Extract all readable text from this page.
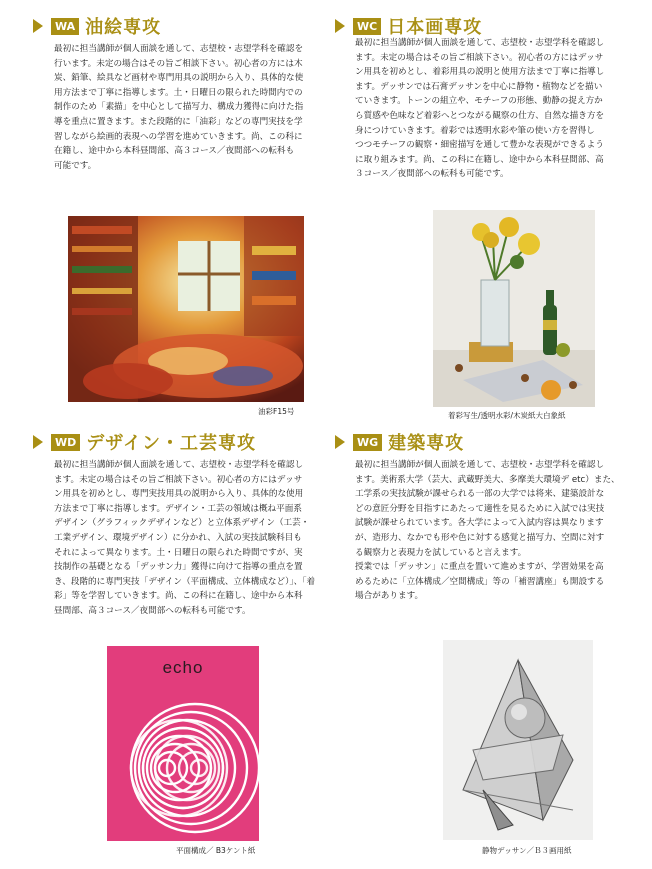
WA 油絵専攻
最初に担当講師が個人面談を通して、志望校・志望学科を確認を
行います。未定の場合はその旨ご相談下さい。初心者の方には木
炭、鉛筆、絵具など画材や専門用具の説明から入り、具体的な使
用方法まで丁寧に指導します。土・日曜日の限られた時間内での
制作のため「素描」を中心として描写力、構成力獲得に向けた指
導を重点に置きます。また段階的に「油彩」などの専門実技を学
習しながら絵画的表現への学習を進めていきます。尚、この科に
在籍し、途中から本科昼間部、高３コース／夜間部への転科も
可能です。
WC 日本画専攻
最初に担当講師が個人面談を通して、志望校・志望学科を確認し
ます。未定の場合はその旨ご相談下さい。初心者の方にはデッサ
ン用具を初めとし、着彩用具の説明と使用方法まで丁寧に指導し
ます。デッサンでは石膏デッサンを中心に静物・植物などを描い
ていきます。トーンの組立や、モチーフの形態、動静の捉え方か
ら質感や色味など着彩へとつながる観察の仕方、自然な描き方を
身につけていきます。着彩では透明水彩や筆の使い方を習得し
つつモチーフの観察・細密描写を通して豊かな表現ができるよう
に取り組みます。尚、この科に在籍し、途中から本科昼間部、高
３コース／夜間部への転科も可能です。
油彩F15号	着彩写生/透明水彩/木炭紙大白象紙
WD デザイン・工芸専攻
最初に担当講師が個人面談を通して、志望校・志望学科を確認し
ます。未定の場合はその旨ご相談下さい。初心者の方にはデッサ
ン用具を初めとし、専門実技用具の説明から入り、具体的な使用
方法まで丁寧に指導します。デザイン・工芸の領域は概ね平面系
デザイン（グラフィックデザインなど）と立体系デザイン（工芸・
工業デザイン、環境デザイン）に分かれ、入試の実技試験科目も
それによって異なります。土・日曜日の限られた時間ですが、実
技制作の基礎となる「デッサン力」獲得に向けて指導の重点を置
き、段階的に専門実技「デザイン（平面構成、立体構成など）」、「着
彩」等を学習していきます。尚、この科に在籍し、途中から本科
昼間部、高３コース／夜間部への転科も可能です。
WG 建築専攻
最初に担当講師が個人面談を通して、志望校・志望学科を確認し
ます。美術系大学（芸大、武蔵野美大、多摩美大環境デ etc）また、
工学系の実技試験が課せられる一部の大学では将来、建築設計な
どの意匠分野を目指すにあたって適性を見るために入試では実技
試験が課せられています。各大学によって入試内容は異なります
が、造形力、なかでも形や色に対する感覚と描写力、空間に対す
る観察力と表現力を試していると言えます。
授業では「デッサン」に重点を置いて進めますが、学習効果を高
めるために「立体構成／空間構成」等の「補習講座」も開設する
場合があります。
echo
平面構成／ B3ケント紙	静物デッサン／Ｂ３画用紙
